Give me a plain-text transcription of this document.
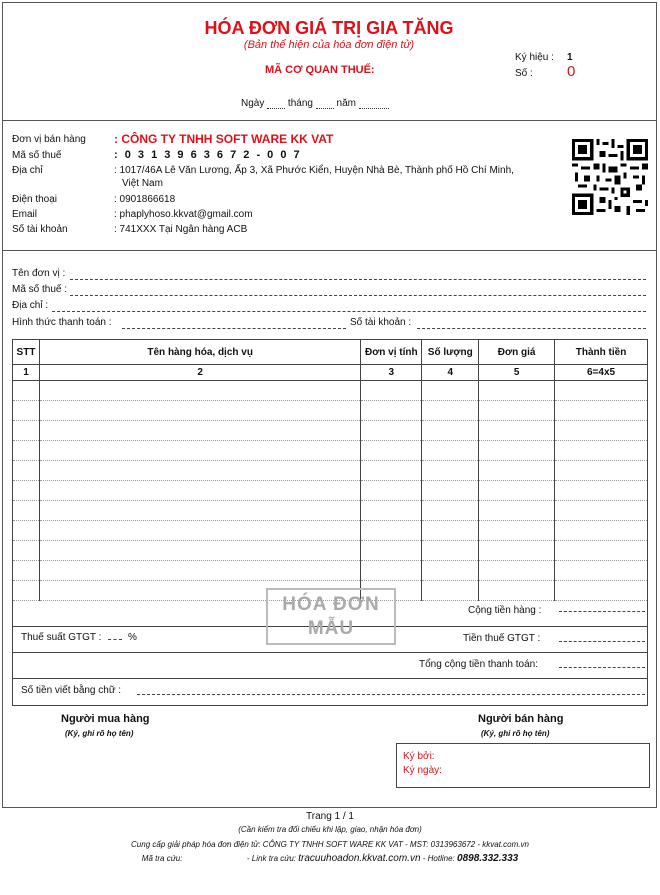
HÓA ĐƠN GIÁ TRỊ GIA TĂNG
(Bản thể hiện của hóa đơn điện tử)
MÃ CƠ QUAN THUẾ:
Ký hiệu : 1
Số : 0
Ngày tháng năm
Đơn vị bán hàng	: CÔNG TY TNHH SOFT WARE KK VAT
Mã số thuế	: 0 3 1 3 9 6 3 6 7 2 - 0 0 7
Địa chỉ	: 1017/46A Lê Văn Lương, Ấp 3, Xã Phước Kiển, Huyện Nhà Bè, Thành phố Hồ Chí Minh,
Việt Nam
Điện thoại	: 0901866618
Email	: phaplyhoso.kkvat@gmail.com
Số tài khoản	: 741XXX Tại Ngân hàng ACB
Tên đơn vị :
Mã số thuế :
Địa chỉ :
Hình thức thanh toán :	Số tài khoản :
STT	Tên hàng hóa, dịch vụ	Đơn vị tính	Số lượng	Đơn giá	Thành tiền
1	2	3	4	5	6=4x5

Cộng tiền hàng :
Thuế suất GTGT :	%	Tiền thuế GTGT :
Tổng cộng tiền thanh toán:
Số tiền viết bằng chữ :
HÓA ĐƠN
MẪU
Người mua hàng
(Ký, ghi rõ họ tên)
Người bán hàng
(Ký, ghi rõ họ tên)
Ký bởi:
Ký ngày:
Trang 1 / 1
(Cần kiểm tra đối chiếu khi lập, giao, nhận hóa đơn)
Cung cấp giải pháp hóa đơn điện tử: CÔNG TY TNHH SOFT WARE KK VAT - MST: 0313963672 - kkvat.com.vn
Mã tra cứu:	- Link tra cứu: tracuuhoadon.kkvat.com.vn - Hotline: 0898.332.333
